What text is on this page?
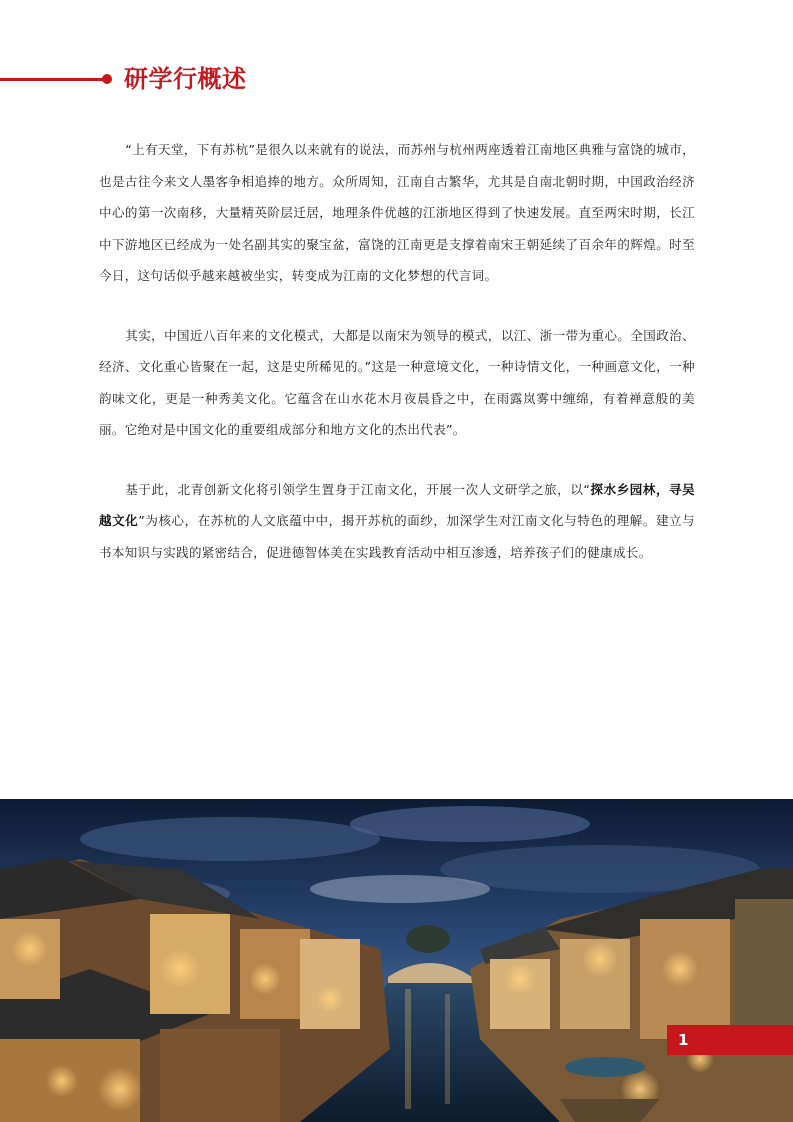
研学行概述

“上有天堂，下有苏杭”是很久以来就有的说法，而苏州与杭州两座透着江南地区典雅与富饶的城市，也是古往今来文人墨客争相追捧的地方。众所周知，江南自古繁华，尤其是自南北朝时期，中国政治经济中心的第一次南移，大量精英阶层迁居，地理条件优越的江浙地区得到了快速发展。直至两宋时期，长江中下游地区已经成为一处名副其实的聚宝盆，富饶的江南更是支撑着南宋王朝延续了百余年的辉煌。时至今日，这句话似乎越来越被坐实，转变成为江南的文化梦想的代言词。

其实，中国近八百年来的文化模式，大都是以南宋为领导的模式，以江、浙一带为重心。全国政治、经济、文化重心皆聚在一起，这是史所稀见的。”这是一种意境文化，一种诗情文化，一种画意文化，一种韵味文化，更是一种秀美文化。它蕴含在山水花木月夜晨昏之中，在雨露岚雾中缠绵，有着禅意般的美丽。它绝对是中国文化的重要组成部分和地方文化的杰出代表”。

基于此，北青创新文化将引领学生置身于江南文化，开展一次人文研学之旅，以“探水乡园林，寻吴越文化”为核心，在苏杭的人文底蕴中中，揭开苏杭的面纱，加深学生对江南文化与特色的理解。建立与书本知识与实践的紧密结合，促进德智体美在实践教育活动中相互渗透，培养孩子们的健康成长。

1
